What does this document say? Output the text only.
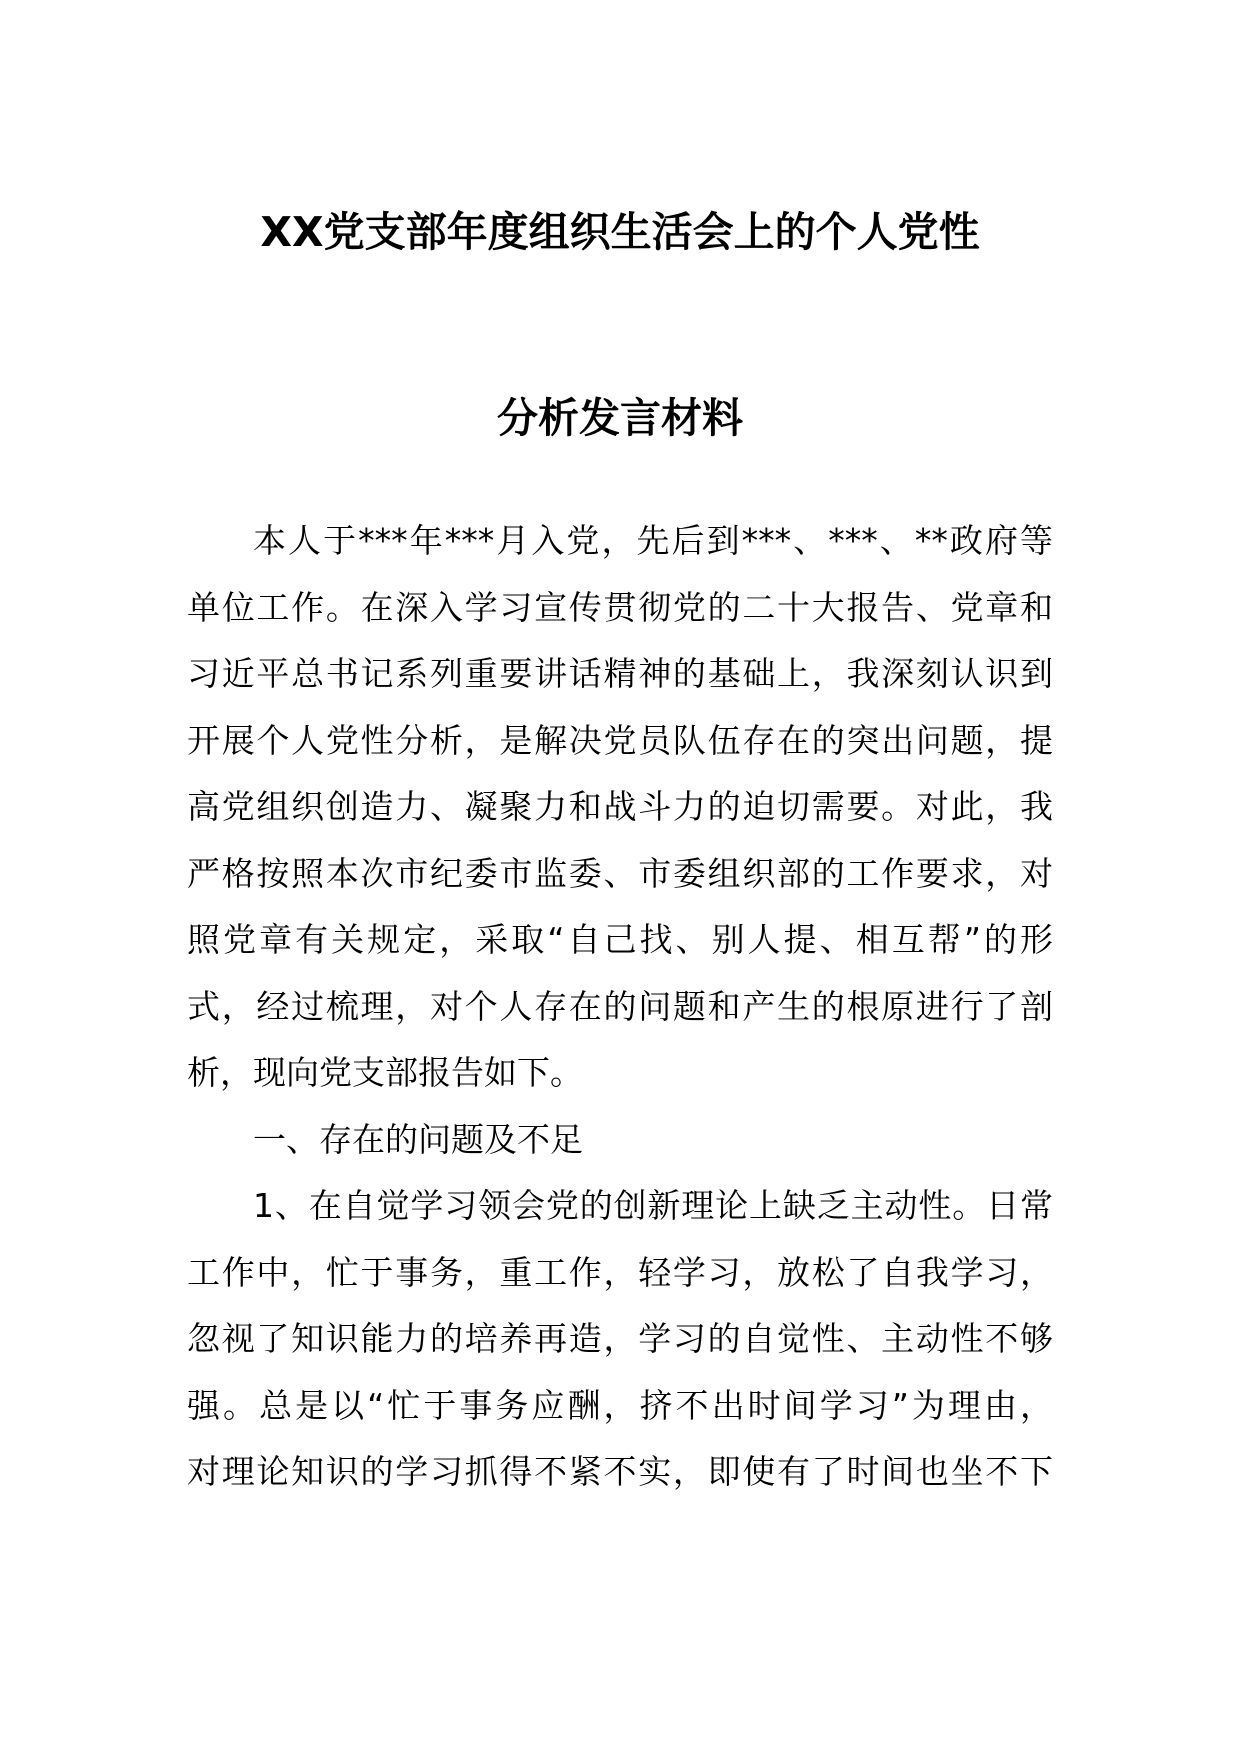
XX党支部年度组织生活会上的个人党性
分析发言材料
本人于***年***月入党，先后到***、***、**政府等
单位工作。在深入学习宣传贯彻党的二十大报告、党章和
习近平总书记系列重要讲话精神的基础上，我深刻认识到
开展个人党性分析，是解决党员队伍存在的突出问题，提
高党组织创造力、凝聚力和战斗力的迫切需要。对此，我
严格按照本次市纪委市监委、市委组织部的工作要求，对
照党章有关规定，采取“自己找、别人提、相互帮”的形
式，经过梳理，对个人存在的问题和产生的根原进行了剖
析，现向党支部报告如下。
一、存在的问题及不足
1、在自觉学习领会党的创新理论上缺乏主动性。日常
工作中，忙于事务，重工作，轻学习，放松了自我学习，
忽视了知识能力的培养再造，学习的自觉性、主动性不够
强。总是以“忙于事务应酬，挤不出时间学习”为理由，
对理论知识的学习抓得不紧不实，即使有了时间也坐不下
